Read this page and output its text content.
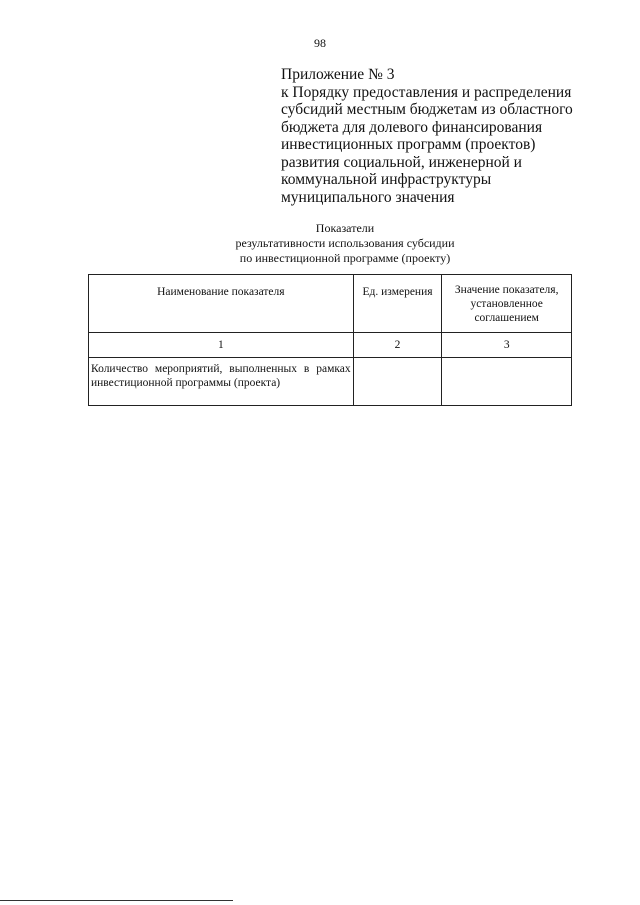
98
Приложение № 3
к Порядку предоставления и распределения
субсидий местным бюджетам из областного
бюджета для долевого финансирования
инвестиционных программ (проектов)
развития социальной, инженерной и
коммунальной инфраструктуры
муниципального значения
Показатели
результативности использования субсидии
по инвестиционной программе (проекту)
Наименование показателя	Ед. измерения	Значение показателя,
установленное
соглашением

1	2	3

Количество мероприятий, выполненных в рамках инвестиционной программы (проекта)		
